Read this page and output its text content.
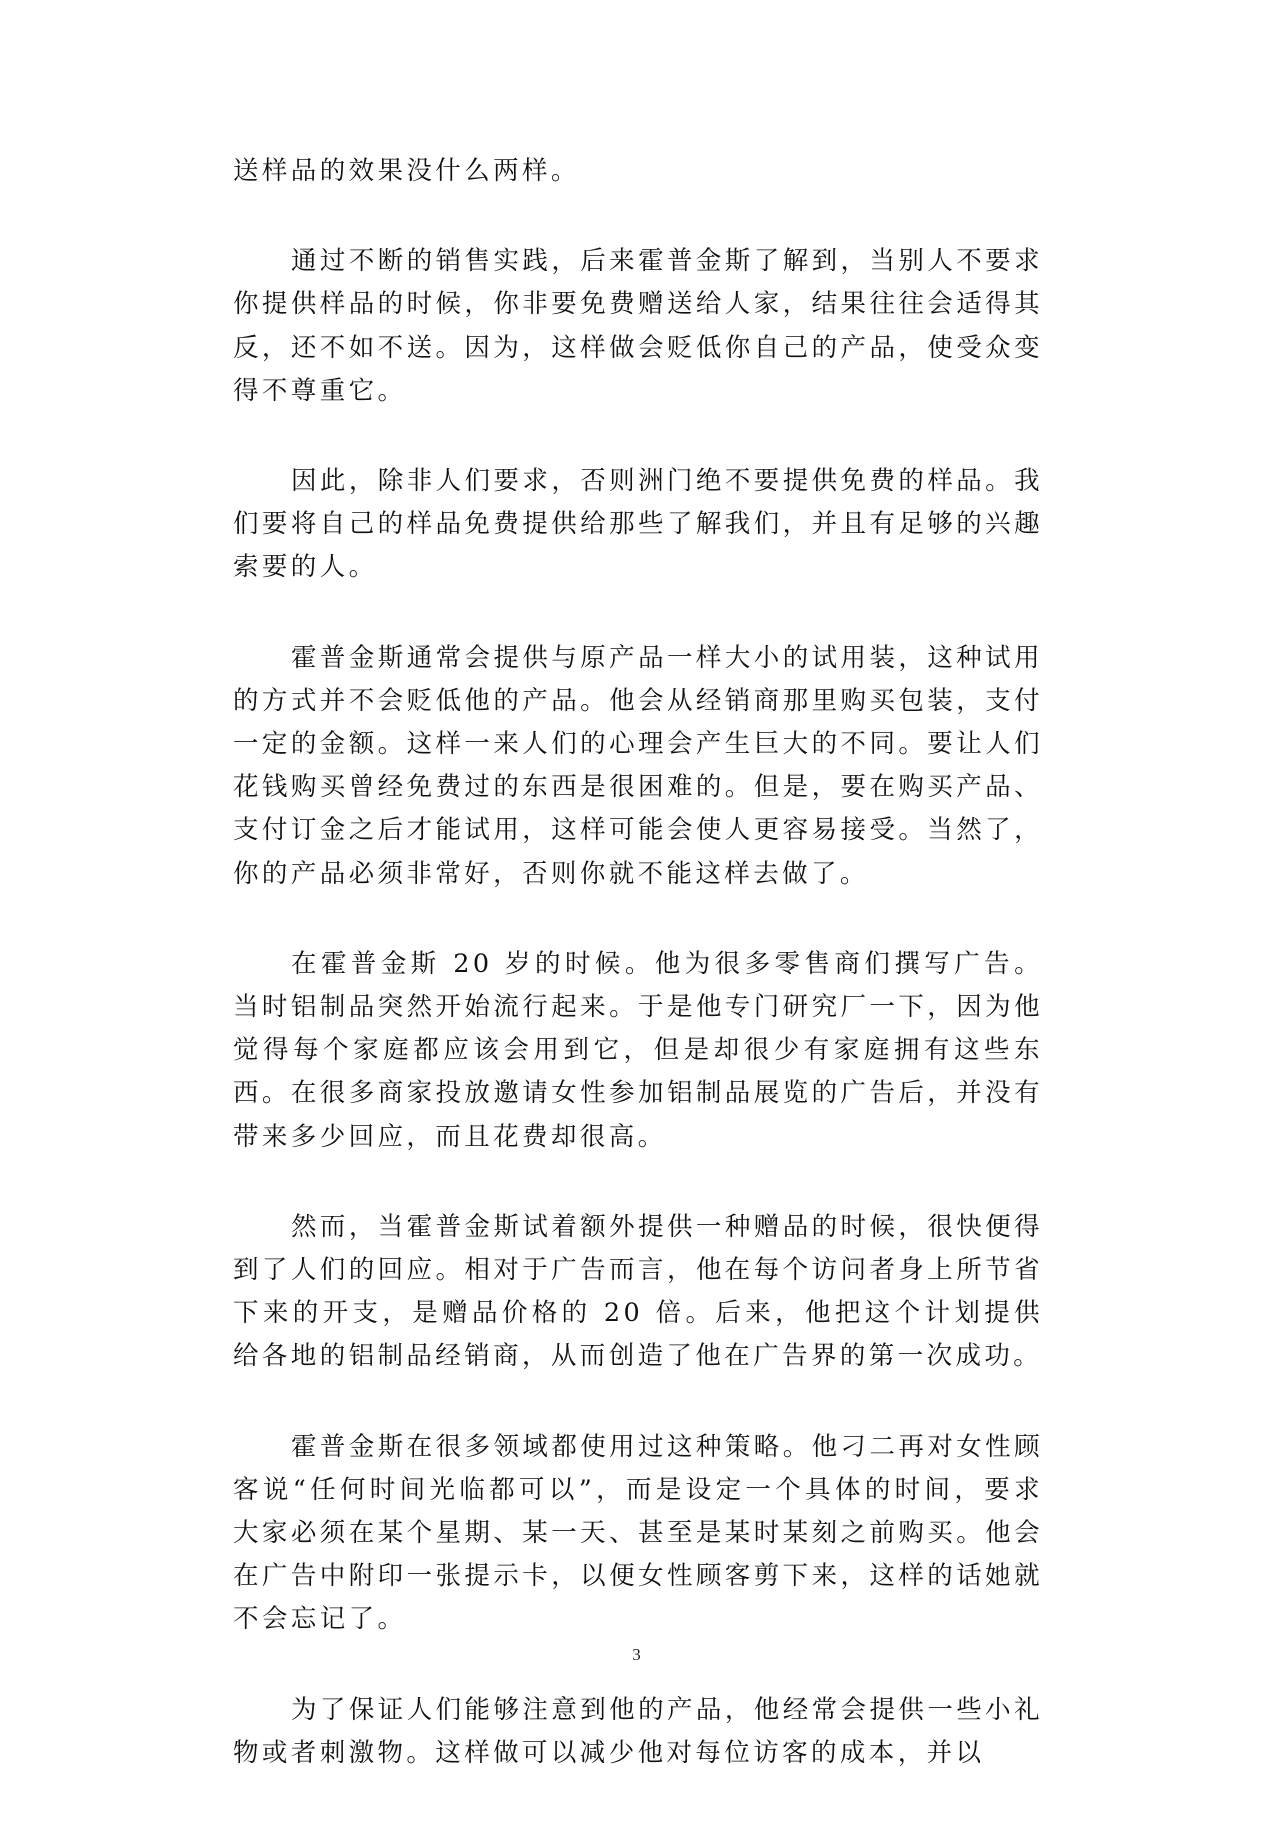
送样品的效果没什么两样。

通过不断的销售实践，后来霍普金斯了解到，当别人不要求你提供样品的时候，你非要免费赠送给人家，结果往往会适得其反，还不如不送。因为，这样做会贬低你自己的产品，使受众变得不尊重它。

因此，除非人们要求，否则洲门绝不要提供免费的样品。我们要将自己的样品免费提供给那些了解我们，并且有足够的兴趣索要的人。

霍普金斯通常会提供与原产品一样大小的试用装，这种试用的方式并不会贬低他的产品。他会从经销商那里购买包装，支付一定的金额。这样一来人们的心理会产生巨大的不同。要让人们花钱购买曾经免费过的东西是很困难的。但是，要在购买产品、支付订金之后才能试用，这样可能会使人更容易接受。当然了，你的产品必须非常好，否则你就不能这样去做了。

在霍普金斯 20 岁的时候。他为很多零售商们撰写广告。当时铝制品突然开始流行起来。于是他专门研究厂一下，因为他觉得每个家庭都应该会用到它，但是却很少有家庭拥有这些东西。在很多商家投放邀请女性参加铝制品展览的广告后，并没有带来多少回应，而且花费却很高。

然而，当霍普金斯试着额外提供一种赠品的时候，很快便得到了人们的回应。相对于广告而言，他在每个访问者身上所节省下来的开支，是赠品价格的 20 倍。后来，他把这个计划提供给各地的铝制品经销商，从而创造了他在广告界的第一次成功。

霍普金斯在很多领域都使用过这种策略。他刁二再对女性顾客说“任何时间光临都可以”，而是设定一个具体的时间，要求大家必须在某个星期、某一天、甚至是某时某刻之前购买。他会在广告中附印一张提示卡，以便女性顾客剪下来，这样的话她就不会忘记了。

为了保证人们能够注意到他的产品，他经常会提供一些小礼物或者刺激物。这样做可以减少他对每位访客的成本，并以

3
